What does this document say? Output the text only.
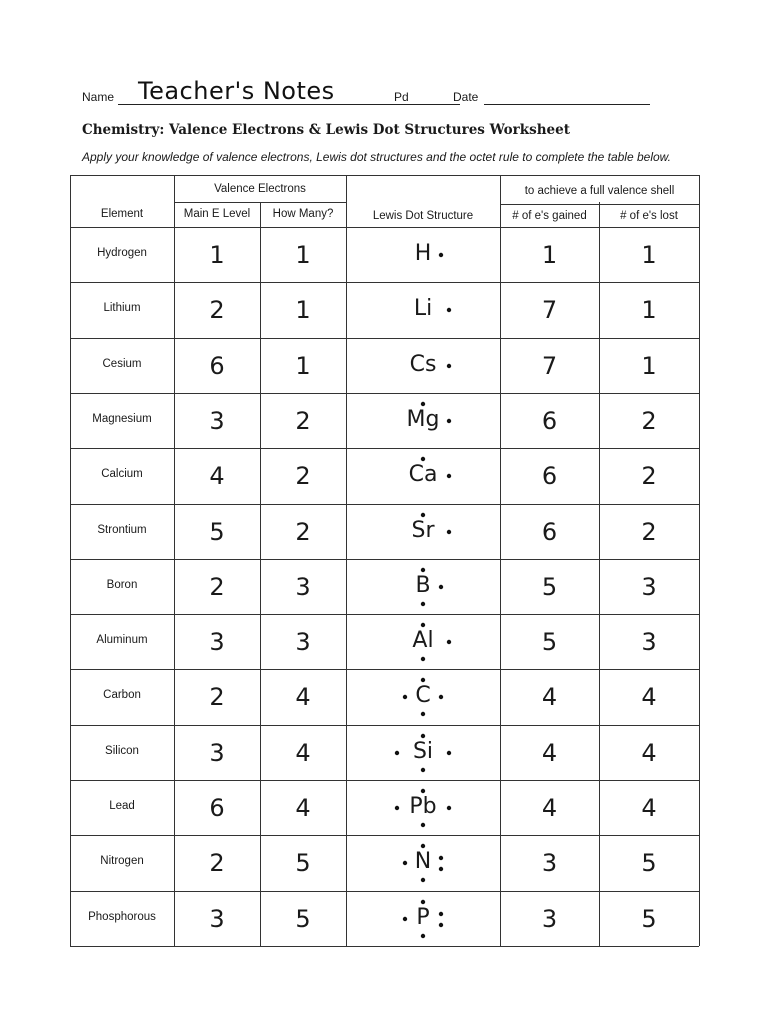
Name Teacher's Notes	Pd	Date
Chemistry: Valence Electrons & Lewis Dot Structures Worksheet
Apply your knowledge of valence electrons, Lewis dot structures and the octet rule to complete the table below.
Valence Electrons	to achieve a full valence shell
Element	Main E Level	How Many?	Lewis Dot Structure	# of e's gained	# of e's lost
Hydrogen	1	1	H	1	1
Lithium	2	1	Li	7	1
Cesium	6	1	Cs	7	1
Magnesium	3	2	Mg	6	2
Calcium	4	2	Ca	6	2
Strontium	5	2	Sr	6	2
Boron	2	3	B	5	3
Aluminum	3	3	Al	5	3
Carbon	2	4	C	4	4
Silicon	3	4	Si	4	4
Lead	6	4	Pb	4	4
Nitrogen	2	5	N	3	5
Phosphorous	3	5	P	3	5
